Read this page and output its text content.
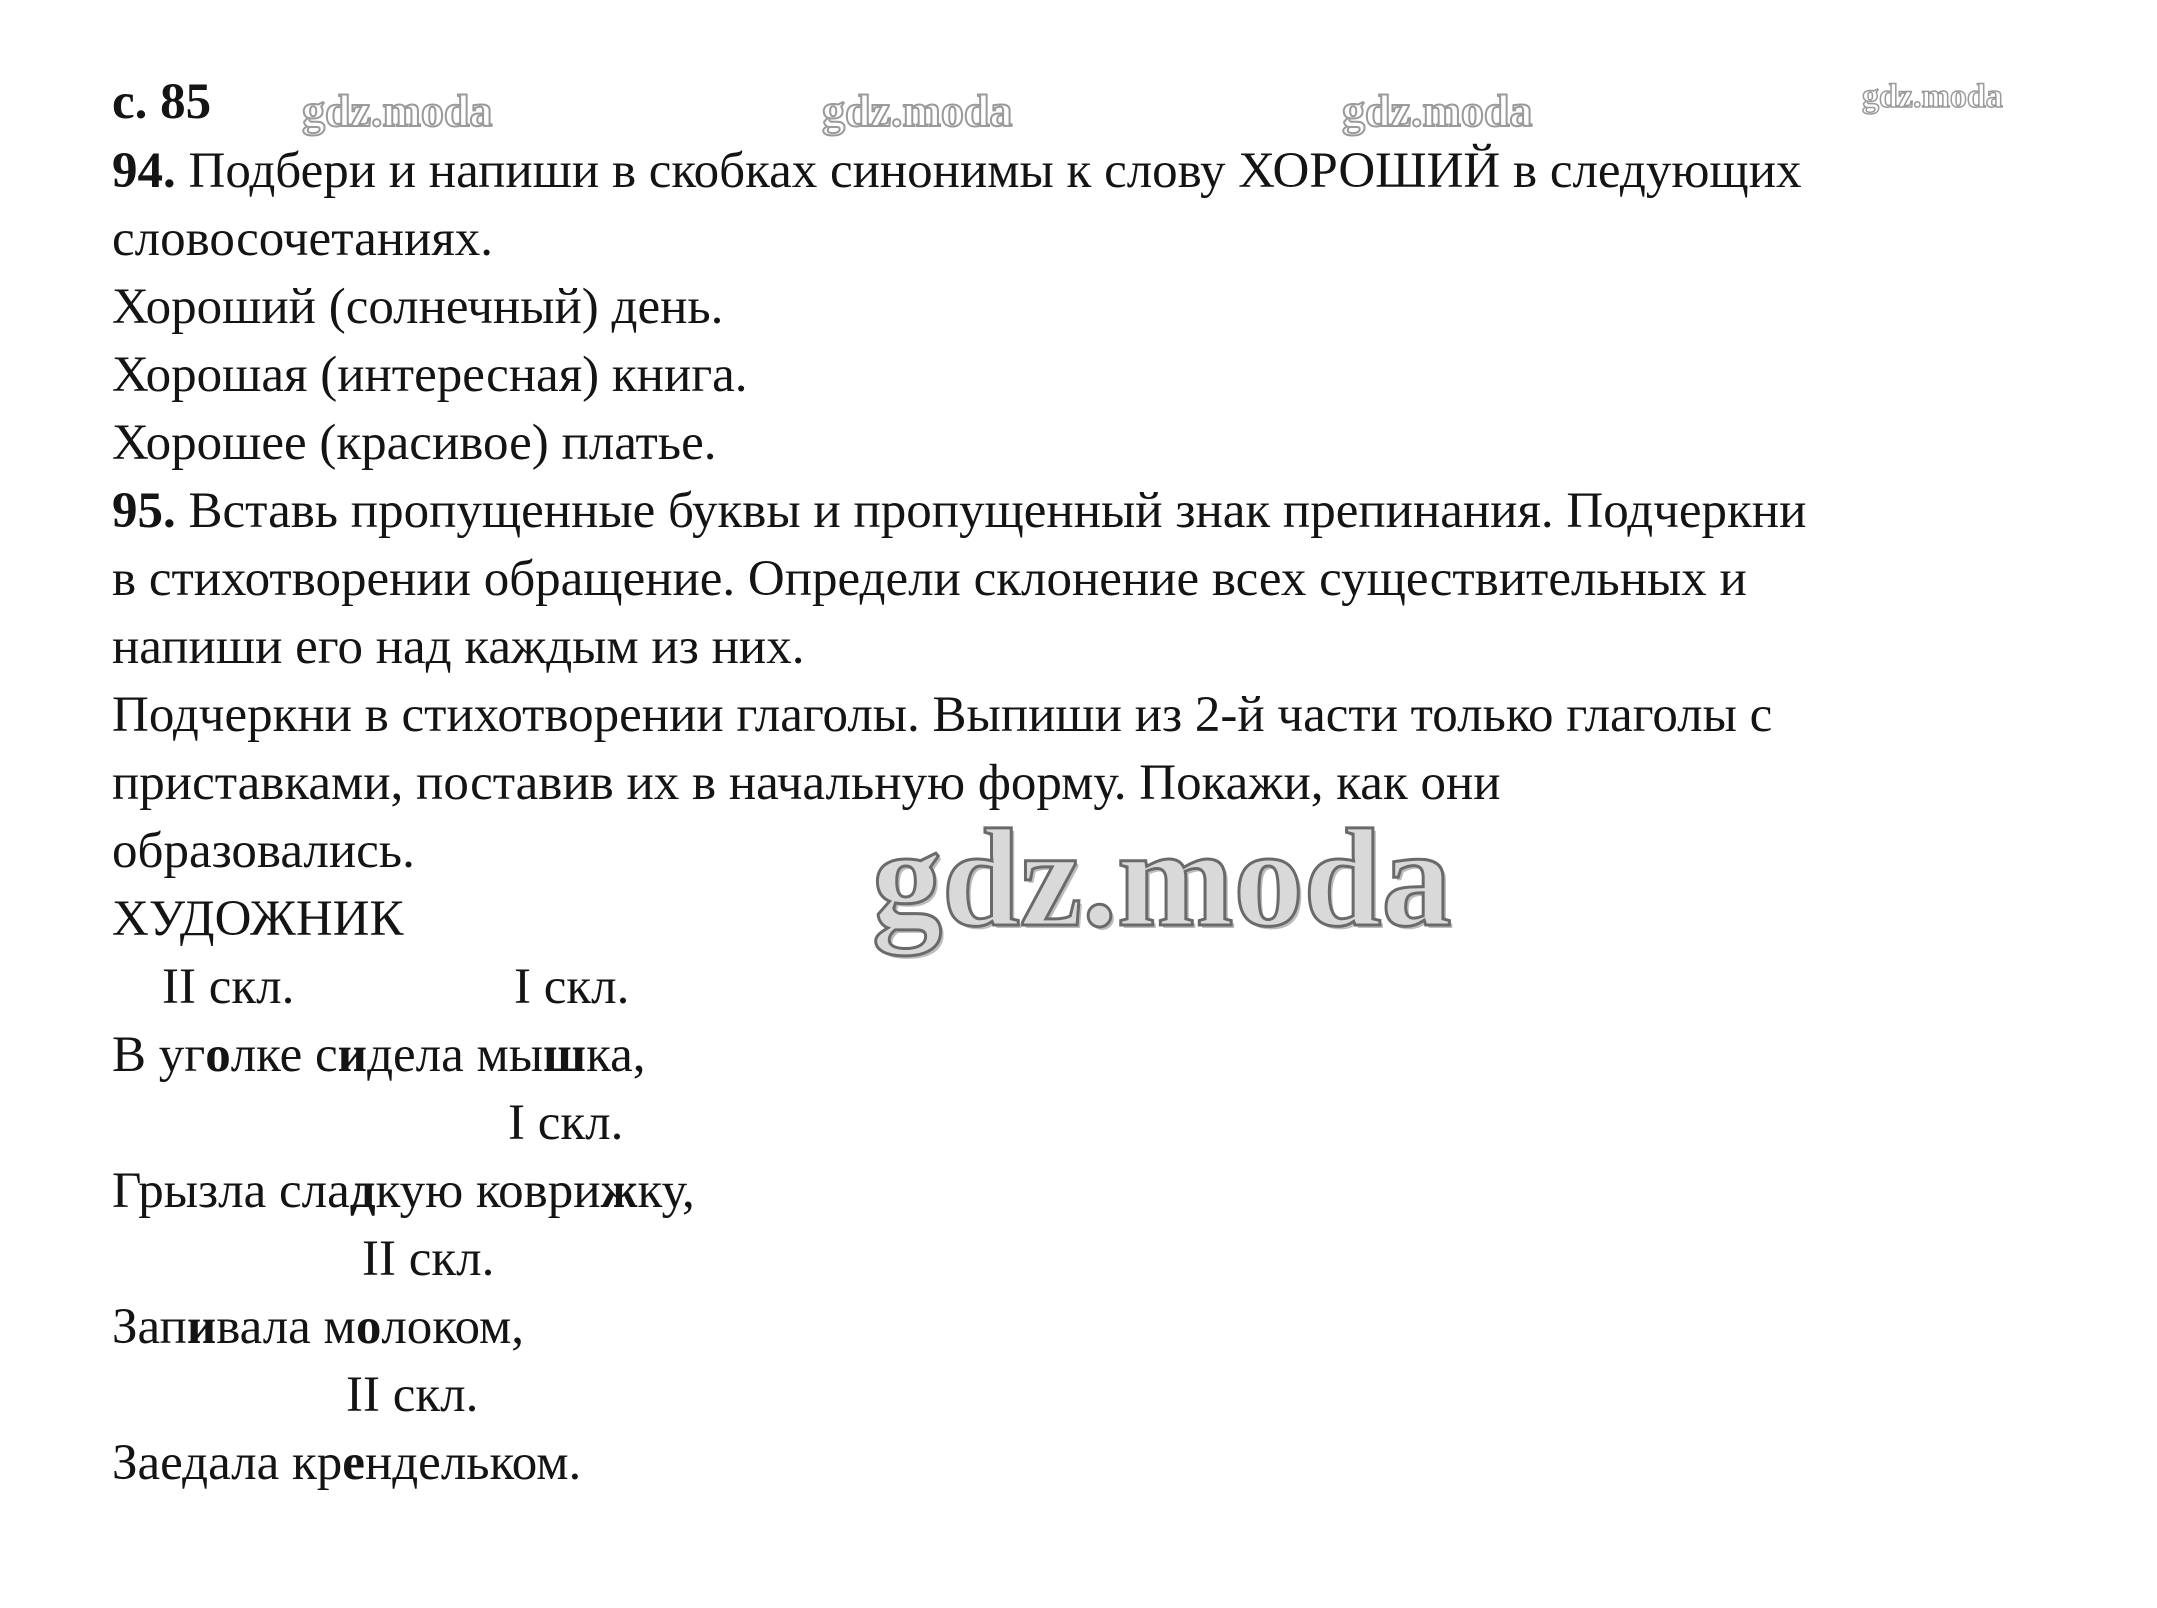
gdz.moda	gdz.moda	gdz.moda	gdz.moda
gdz.moda
с. 85
94. Подбери и напиши в скобках синонимы к слову ХОРОШИЙ в следующих
словосочетаниях.
Хороший (солнечный) день.
Хорошая (интересная) книга.
Хорошее (красивое) платье.
95. Вставь пропущенные буквы и пропущенный знак препинания. Подчеркни
в стихотворении обращение. Определи склонение всех существительных и
напиши его над каждым из них.
Подчеркни в стихотворении глаголы. Выпиши из 2-й части только глаголы с
приставками, поставив их в начальную форму. Покажи, как они
образовались.
ХУДОЖНИК
II скл.	I скл.
В уголке сидела мышка,
I скл.
Грызла сладкую коврижку,
II скл.
Запивала молоком,
II скл.
Заедала крендельком.
